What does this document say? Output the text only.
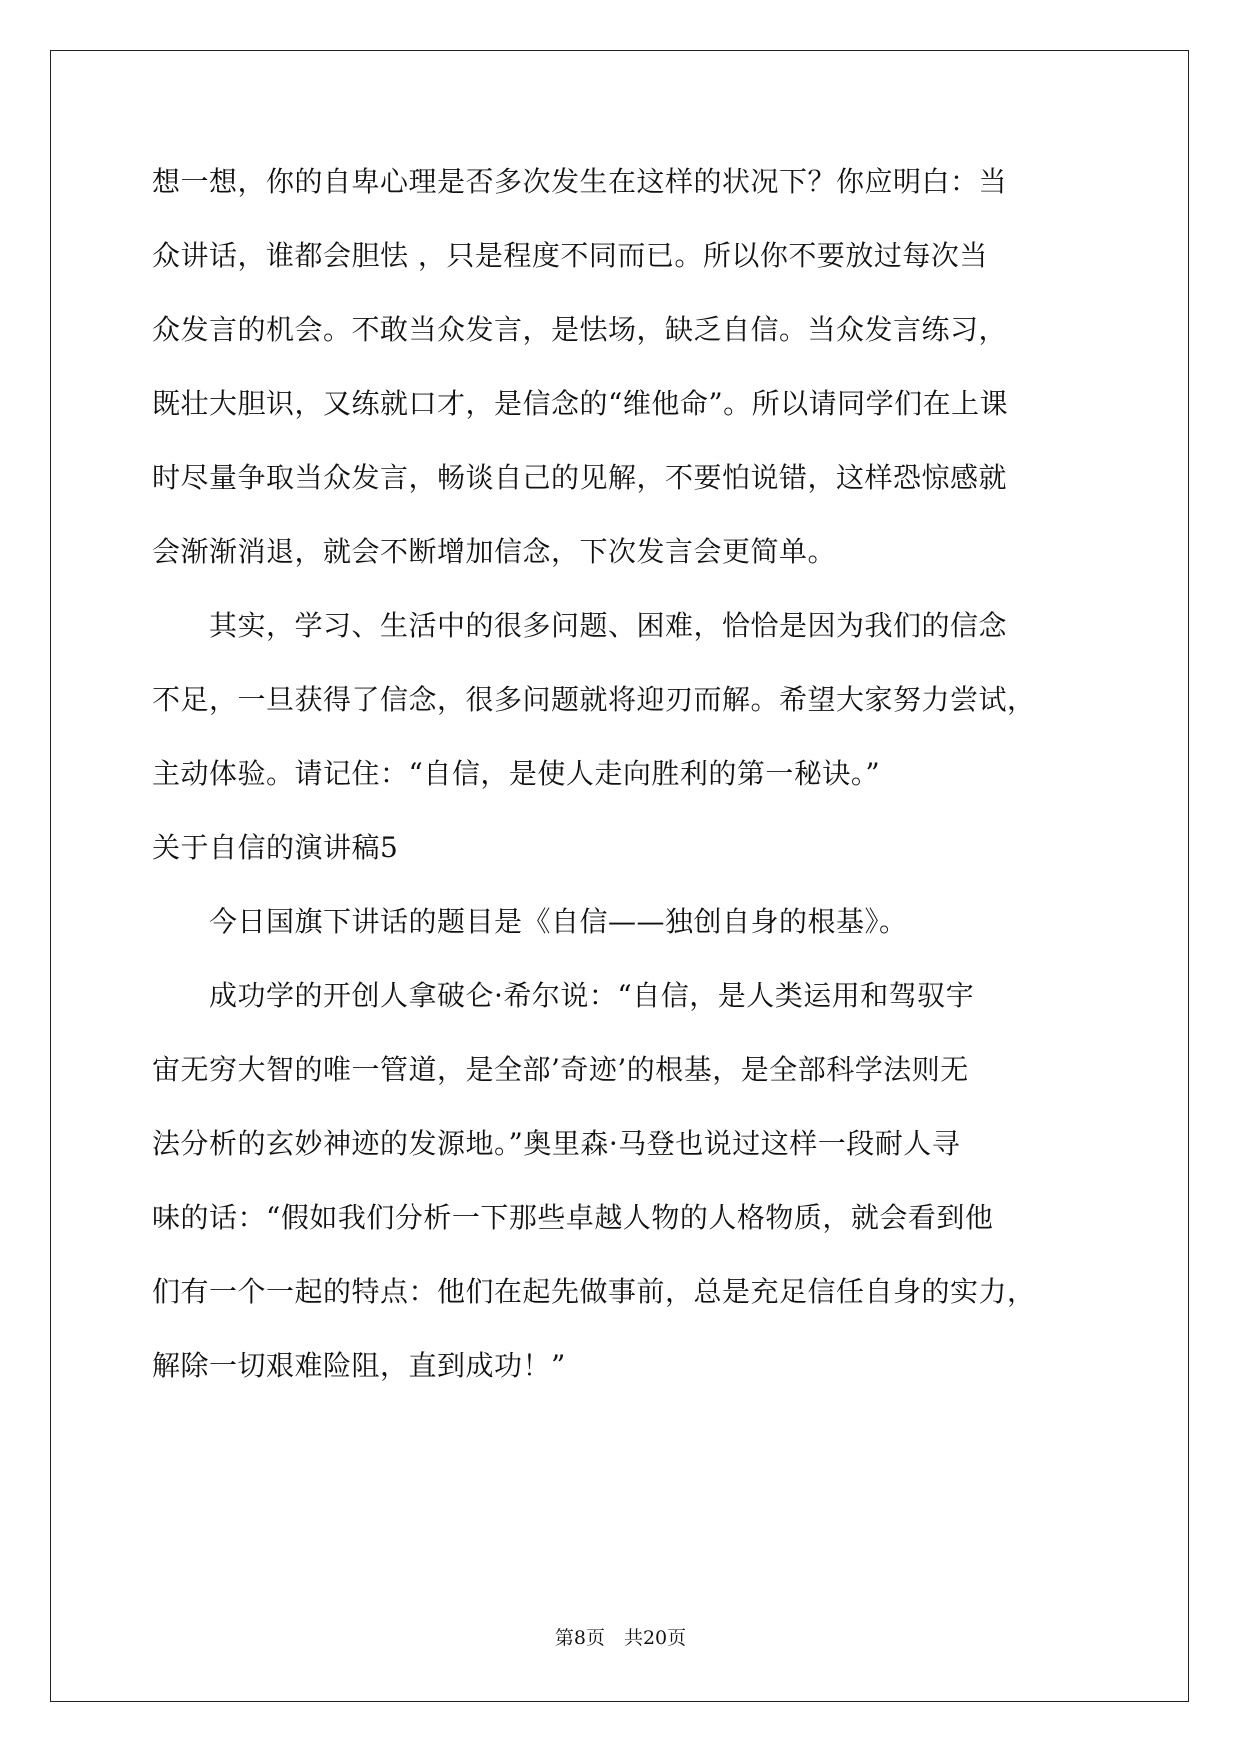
想一想，你的自卑心理是否多次发生在这样的状况下？你应明白：当
众讲话，谁都会胆怯 ，只是程度不同而已。所以你不要放过每次当
众发言的机会。不敢当众发言，是怯场，缺乏自信。当众发言练习，
既壮大胆识，又练就口才，是信念的“维他命”。所以请同学们在上课
时尽量争取当众发言，畅谈自己的见解，不要怕说错，这样恐惊感就
会渐渐消退，就会不断增加信念，下次发言会更简单。
　　其实，学习、生活中的很多问题、困难，恰恰是因为我们的信念
不足，一旦获得了信念，很多问题就将迎刃而解。希望大家努力尝试，
主动体验。请记住：“自信，是使人走向胜利的第一秘诀。”
关于自信的演讲稿5
　　今日国旗下讲话的题目是《自信——独创自身的根基》。
　　成功学的开创人拿破仑·希尔说：“自信，是人类运用和驾驭宇
宙无穷大智的唯一管道，是全部’奇迹’的根基，是全部科学法则无
法分析的玄妙神迹的发源地。”奥里森·马登也说过这样一段耐人寻
味的话：“假如我们分析一下那些卓越人物的人格物质，就会看到他
们有一个一起的特点：他们在起先做事前，总是充足信任自身的实力，
解除一切艰难险阻，直到成功！”
第8页　共20页
